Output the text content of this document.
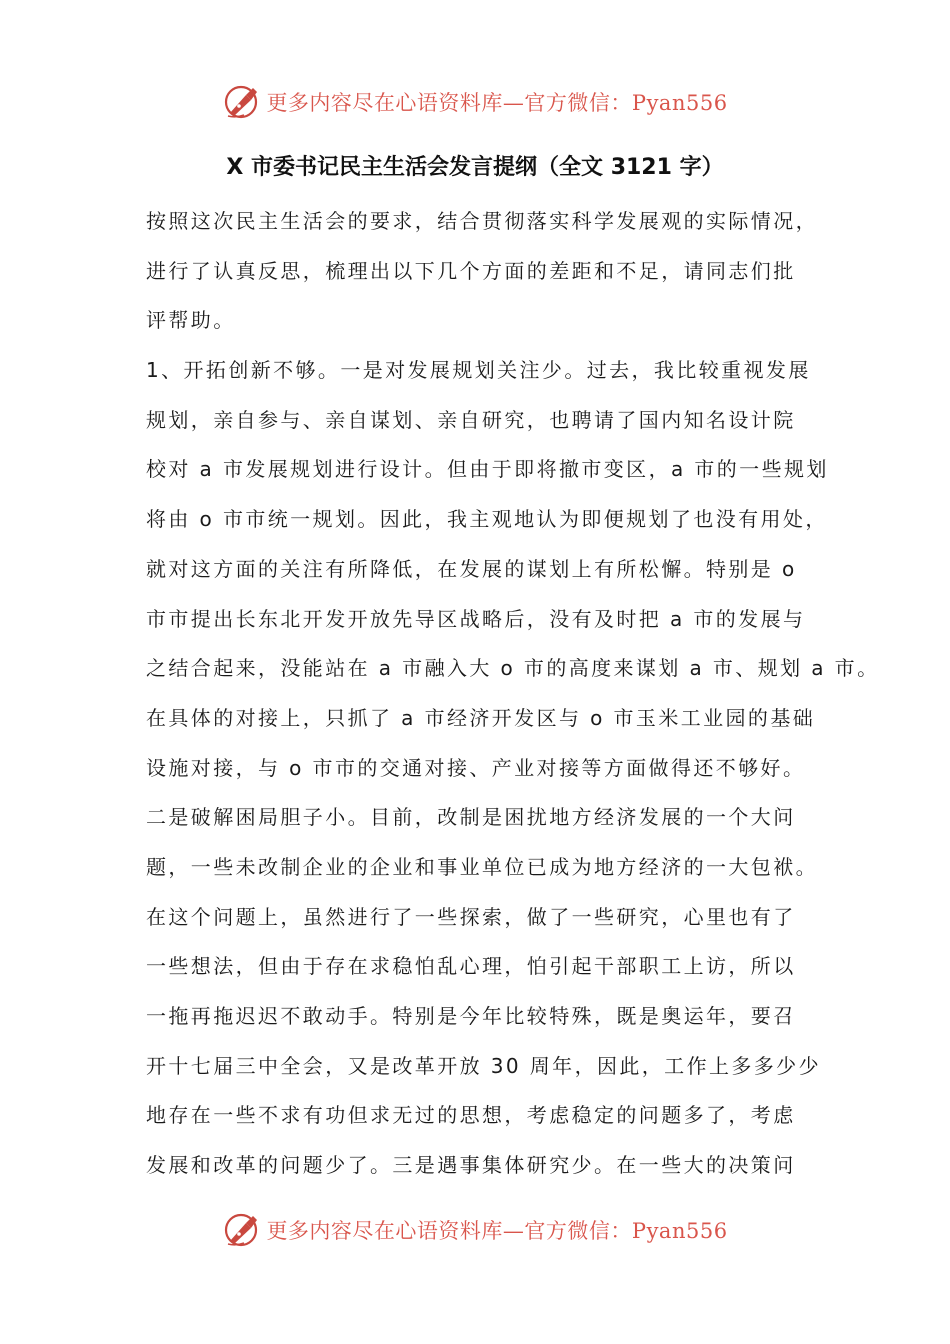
更多内容尽在心语资料库—官方微信：Pyan556
X 市委书记民主生活会发言提纲（全文 3121 字）
按照这次民主生活会的要求，结合贯彻落实科学发展观的实际情况，
进行了认真反思，梳理出以下几个方面的差距和不足，请同志们批
评帮助。
1、开拓创新不够。一是对发展规划关注少。过去，我比较重视发展
规划，亲自参与、亲自谋划、亲自研究，也聘请了国内知名设计院
校对 a 市发展规划进行设计。但由于即将撤市变区，a 市的一些规划
将由 o 市市统一规划。因此，我主观地认为即便规划了也没有用处，
就对这方面的关注有所降低，在发展的谋划上有所松懈。特别是 o
市市提出长东北开发开放先导区战略后，没有及时把 a 市的发展与
之结合起来，没能站在 a 市融入大 o 市的高度来谋划 a 市、规划 a 市。
在具体的对接上，只抓了 a 市经济开发区与 o 市玉米工业园的基础
设施对接，与 o 市市的交通对接、产业对接等方面做得还不够好。
二是破解困局胆子小。目前，改制是困扰地方经济发展的一个大问
题，一些未改制企业的企业和事业单位已成为地方经济的一大包袱。
在这个问题上，虽然进行了一些探索，做了一些研究，心里也有了
一些想法，但由于存在求稳怕乱心理，怕引起干部职工上访，所以
一拖再拖迟迟不敢动手。特别是今年比较特殊，既是奥运年，要召
开十七届三中全会，又是改革开放 30 周年，因此，工作上多多少少
地存在一些不求有功但求无过的思想，考虑稳定的问题多了，考虑
发展和改革的问题少了。三是遇事集体研究少。在一些大的决策问
更多内容尽在心语资料库—官方微信：Pyan556
